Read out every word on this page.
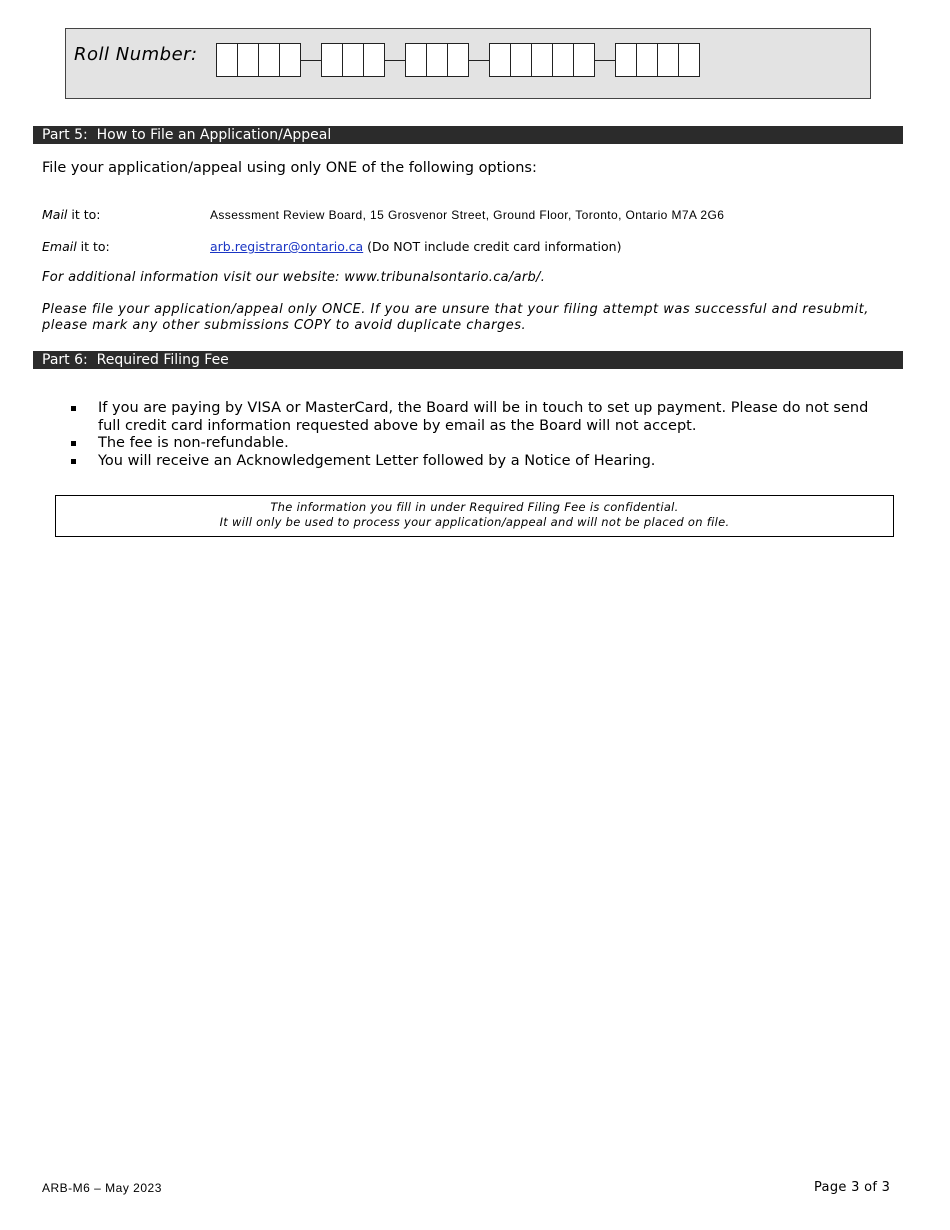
Roll Number:
Part 5:  How to File an Application/Appeal
File your application/appeal using only ONE of the following options:
Mail it to:	Assessment Review Board, 15 Grosvenor Street, Ground Floor, Toronto, Ontario M7A 2G6
Email it to:	arb.registrar@ontario.ca (Do NOT include credit card information)
For additional information visit our website: www.tribunalsontario.ca/arb/.
Please file your application/appeal only ONCE. If you are unsure that your filing attempt was successful and resubmit, please mark any other submissions COPY to avoid duplicate charges.
Part 6:  Required Filing Fee
If you are paying by VISA or MasterCard, the Board will be in touch to set up payment. Please do not send full credit card information requested above by email as the Board will not accept.
The fee is non-refundable.
You will receive an Acknowledgement Letter followed by a Notice of Hearing.
The information you fill in under Required Filing Fee is confidential.
It will only be used to process your application/appeal and will not be placed on file.
ARB-M6 – May 2023	Page 3 of 3
